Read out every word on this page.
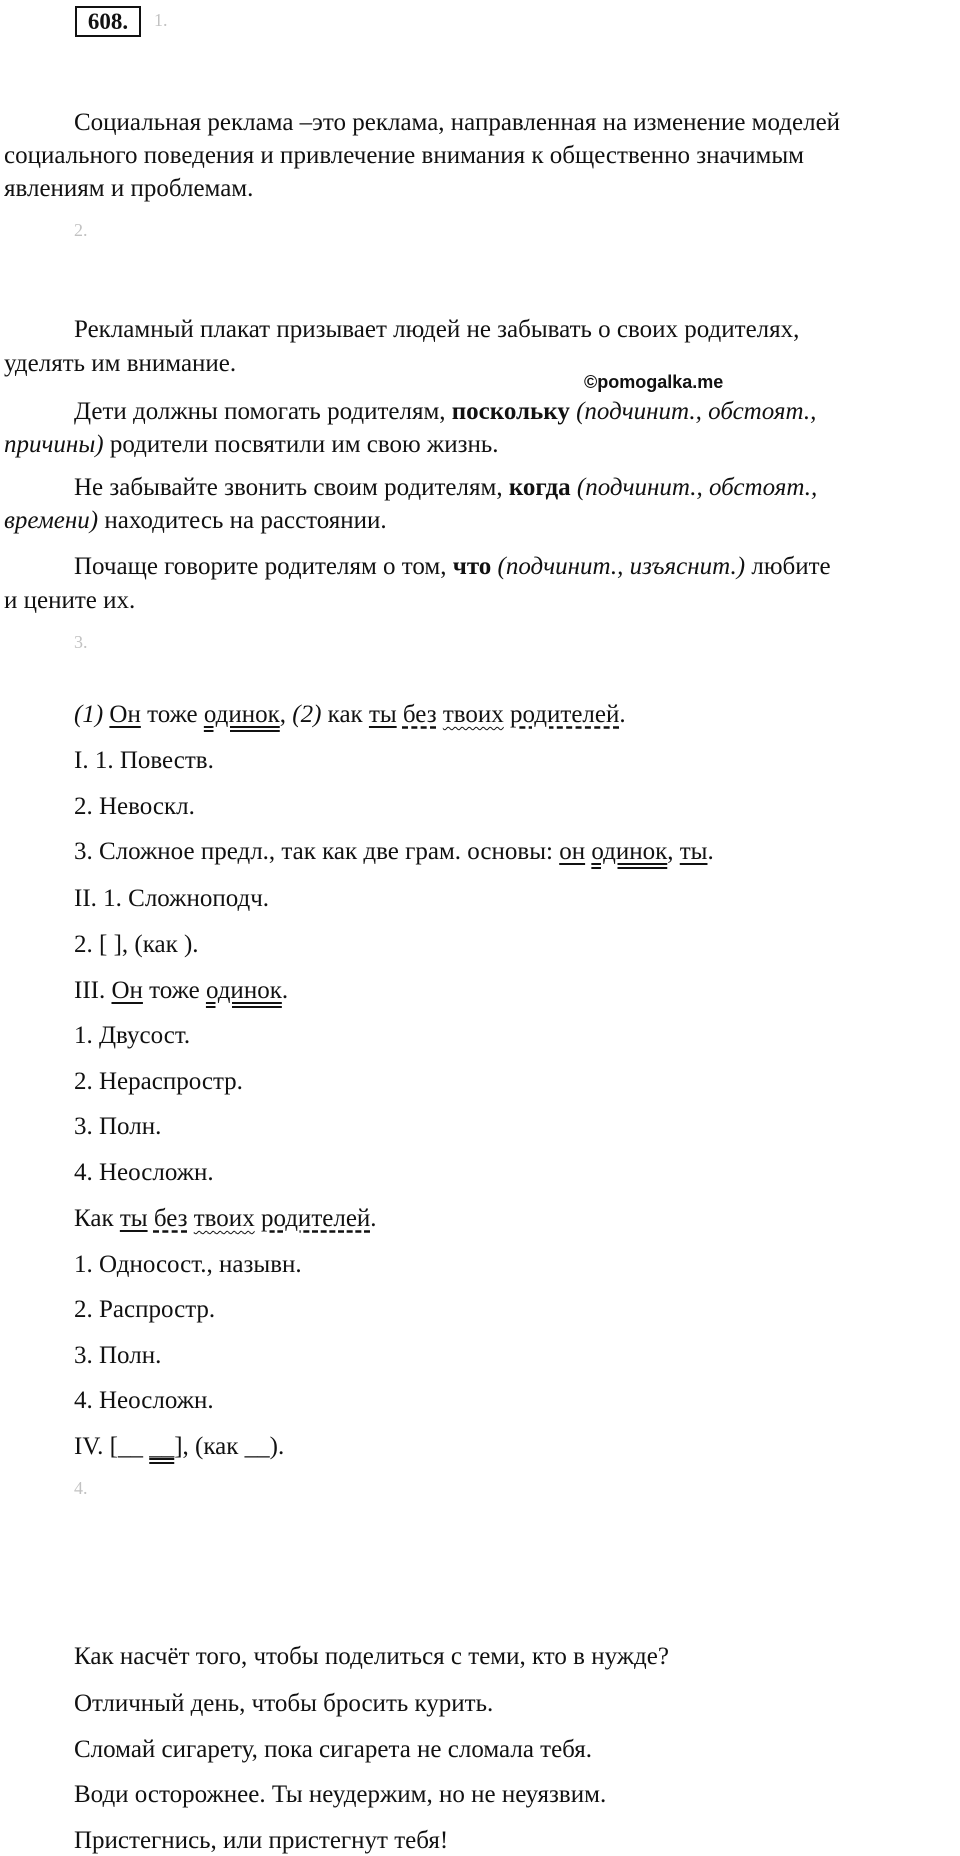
608.	1.
Социальная реклама –это реклама, направленная на изменение моделей
социального поведения и привлечение внимания к общественно значимым
явлениям и проблемам.
2.
Рекламный плакат призывает людей не забывать о своих родителях,
уделять им внимание.
©pomogalka.me
Дети должны помогать родителям, поскольку (подчинит., обстоят.,
причины) родители посвятили им свою жизнь.
Не забывайте звонить своим родителям, когда (подчинит., обстоят.,
времени) находитесь на расстоянии.
Почаще говорите родителям о том, что (подчинит., изъяснит.) любите
и цените их.
3.
(1) Он тоже одинок, (2) как ты без твоих родителей.
I. 1. Повеств.
2. Невоскл.
3. Сложное предл., так как две грам. основы: он одинок, ты.
II. 1. Сложноподч.
2. [ ], (как ).
III. Он тоже одинок.
1. Двусост.
2. Нераспростр.
3. Полн.
4. Неосложн.
Как ты без твоих родителей.
1. Односост., назывн.
2. Распростр.
3. Полн.
4. Неосложн.
IV. [__ __], (как __).
4.
Как насчёт того, чтобы поделиться с теми, кто в нужде?
Отличный день, чтобы бросить курить.
Сломай сигарету, пока сигарета не сломала тебя.
Води осторожнее. Ты неудержим, но не неуязвим.
Пристегнись, или пристегнут тебя!
